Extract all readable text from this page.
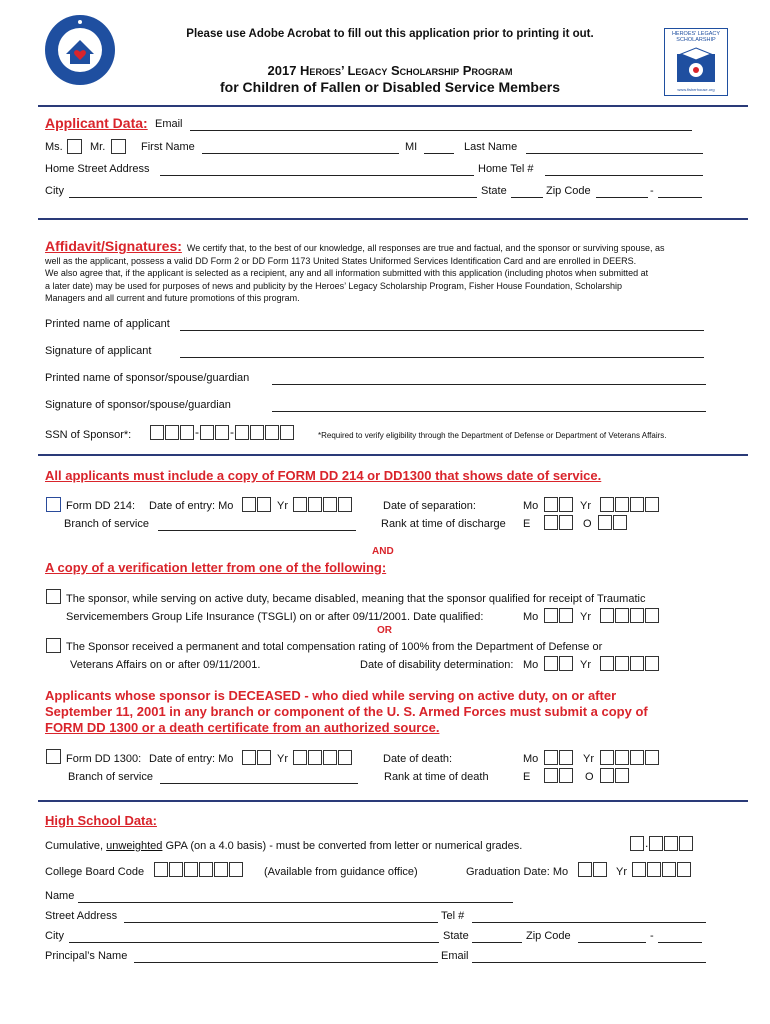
HEROES' LEGACY SCHOLARSHIP
www.fisherhouse.org
Please use Adobe Acrobat to fill out this application prior to printing it out.
2017 Heroes’ Legacy Scholarship Program
for Children of Fallen or Disabled Service Members
Applicant Data: Email
Ms. Mr.	First Name	MI	Last Name
Home Street Address	Home Tel #
City	State	Zip Code	-
Affidavit/Signatures: We certify that, to the best of our knowledge, all responses are true and factual, and the sponsor or surviving spouse, as
well as the applicant, possess a valid DD Form 2 or DD Form 1173 United States Uniformed Services Identification Card and are enrolled in DEERS.
We also agree that, if the applicant is selected as a recipient, any and all information submitted with this application (including photos when submitted at
a later date) may be used for purposes of news and publicity by the Heroes’ Legacy Scholarship Program, Fisher House Foundation, Scholarship
Managers and all current and future promotions of this program.
Printed name of applicant
Signature of applicant
Printed name of sponsor/spouse/guardian
Signature of sponsor/spouse/guardian
SSN of Sponsor*:	-	-	*Required to verify eligibility through the Department of Defense or Department of Veterans Affairs.
All applicants must include a copy of FORM DD 214 or DD1300 that shows date of service.
Form DD 214: Date of entry: Mo	Yr	Date of separation:	Mo	Yr
Branch of service	Rank at time of discharge E	O
AND
A copy of a verification letter from one of the following:
The sponsor, while serving on active duty, became disabled, meaning that the sponsor qualified for receipt of Traumatic
Servicemembers Group Life Insurance (TSGLI) on or after 09/11/2001. Date qualified:	Mo	Yr
OR
The Sponsor received a permanent and total compensation rating of 100% from the Department of Defense or
Veterans Affairs on or after 09/11/2001.	Date of disability determination: Mo	Yr
Applicants whose sponsor is DECEASED - who died while serving on active duty, on or after
September 11, 2001 in any branch or component of the U. S. Armed Forces must submit a copy of
FORM DD 1300 or a death certificate from an authorized source.
Form DD 1300: Date of entry: Mo	Yr	Date of death:	Mo	Yr
Branch of service	Rank at time of death	E	O
High School Data:
Cumulative, unweighted GPA (on a 4.0 basis) - must be converted from letter or numerical grades.	.
College Board Code	(Available from guidance office)	Graduation Date: Mo	Yr
Name
Street Address	Tel #
City	State	Zip Code	-
Principal’s Name	Email
